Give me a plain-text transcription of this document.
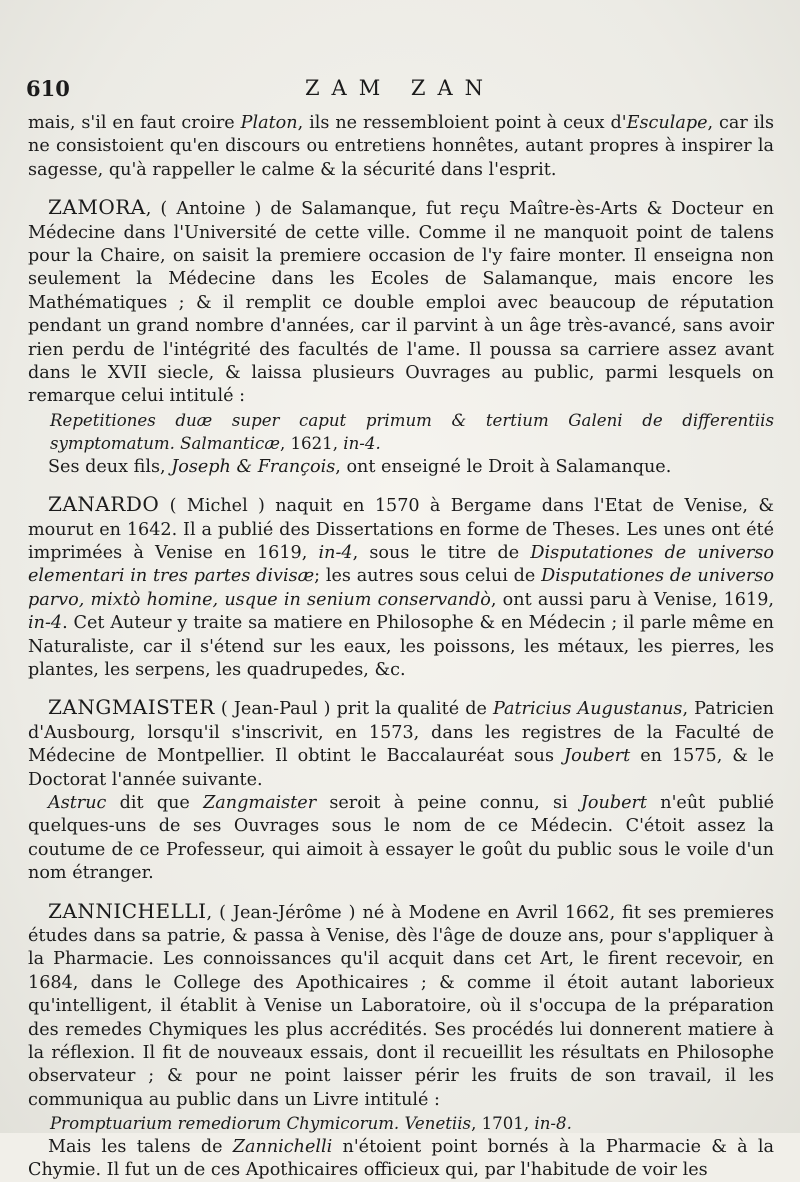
610	ZAM ZAN

mais, s'il en faut croire Platon, ils ne ressembloient point à ceux d'Esculape, car ils ne consistoient qu'en discours ou entretiens honnêtes, autant propres à inspirer la sagesse, qu'à rappeller le calme & la sécurité dans l'esprit.

ZAMORA, ( Antoine ) de Salamanque, fut reçu Maître-ès-Arts & Docteur en Médecine dans l'Université de cette ville. Comme il ne manquoit point de talens pour la Chaire, on saisit la premiere occasion de l'y faire monter. Il enseigna non seulement la Médecine dans les Ecoles de Salamanque, mais encore les Mathématiques ; & il remplit ce double emploi avec beaucoup de réputation pendant un grand nombre d'années, car il parvint à un âge très-avancé, sans avoir rien perdu de l'intégrité des facultés de l'ame. Il poussa sa carriere assez avant dans le XVII siecle, & laissa plusieurs Ouvrages au public, parmi lesquels on remarque celui intitulé :

Repetitiones duæ super caput primum & tertium Galeni de differentiis symptomatum. Salmanticæ, 1621, in-4.

Ses deux fils, Joseph & François, ont enseigné le Droit à Salamanque.

ZANARDO ( Michel ) naquit en 1570 à Bergame dans l'Etat de Venise, & mourut en 1642. Il a publié des Dissertations en forme de Theses. Les unes ont été imprimées à Venise en 1619, in-4, sous le titre de Disputationes de universo elementari in tres partes divisæ; les autres sous celui de Disputationes de universo parvo, mixtò homine, usque in senium conservandò, ont aussi paru à Venise, 1619, in-4. Cet Auteur y traite sa matiere en Philosophe & en Médecin ; il parle même en Naturaliste, car il s'étend sur les eaux, les poissons, les métaux, les pierres, les plantes, les serpens, les quadrupedes, &c.

ZANGMAISTER ( Jean-Paul ) prit la qualité de Patricius Augustanus, Patricien d'Ausbourg, lorsqu'il s'inscrivit, en 1573, dans les registres de la Faculté de Médecine de Montpellier. Il obtint le Baccalauréat sous Joubert en 1575, & le Doctorat l'année suivante.

Astruc dit que Zangmaister seroit à peine connu, si Joubert n'eût publié quelques-uns de ses Ouvrages sous le nom de ce Médecin. C'étoit assez la coutume de ce Professeur, qui aimoit à essayer le goût du public sous le voile d'un nom étranger.

ZANNICHELLI, ( Jean-Jérôme ) né à Modene en Avril 1662, fit ses premieres études dans sa patrie, & passa à Venise, dès l'âge de douze ans, pour s'appliquer à la Pharmacie. Les connoissances qu'il acquit dans cet Art, le firent recevoir, en 1684, dans le College des Apothicaires ; & comme il étoit autant laborieux qu'intelligent, il établit à Venise un Laboratoire, où il s'occupa de la préparation des remedes Chymiques les plus accrédités. Ses procédés lui donnerent matiere à la réflexion. Il fit de nouveaux essais, dont il recueillit les résultats en Philosophe observateur ; & pour ne point laisser périr les fruits de son travail, il les communiqua au public dans un Livre intitulé :

Promptuarium remediorum Chymicorum. Venetiis, 1701, in-8.

Mais les talens de Zannichelli n'étoient point bornés à la Pharmacie & à la Chymie. Il fut un de ces Apothicaires officieux qui, par l'habitude de voir les
